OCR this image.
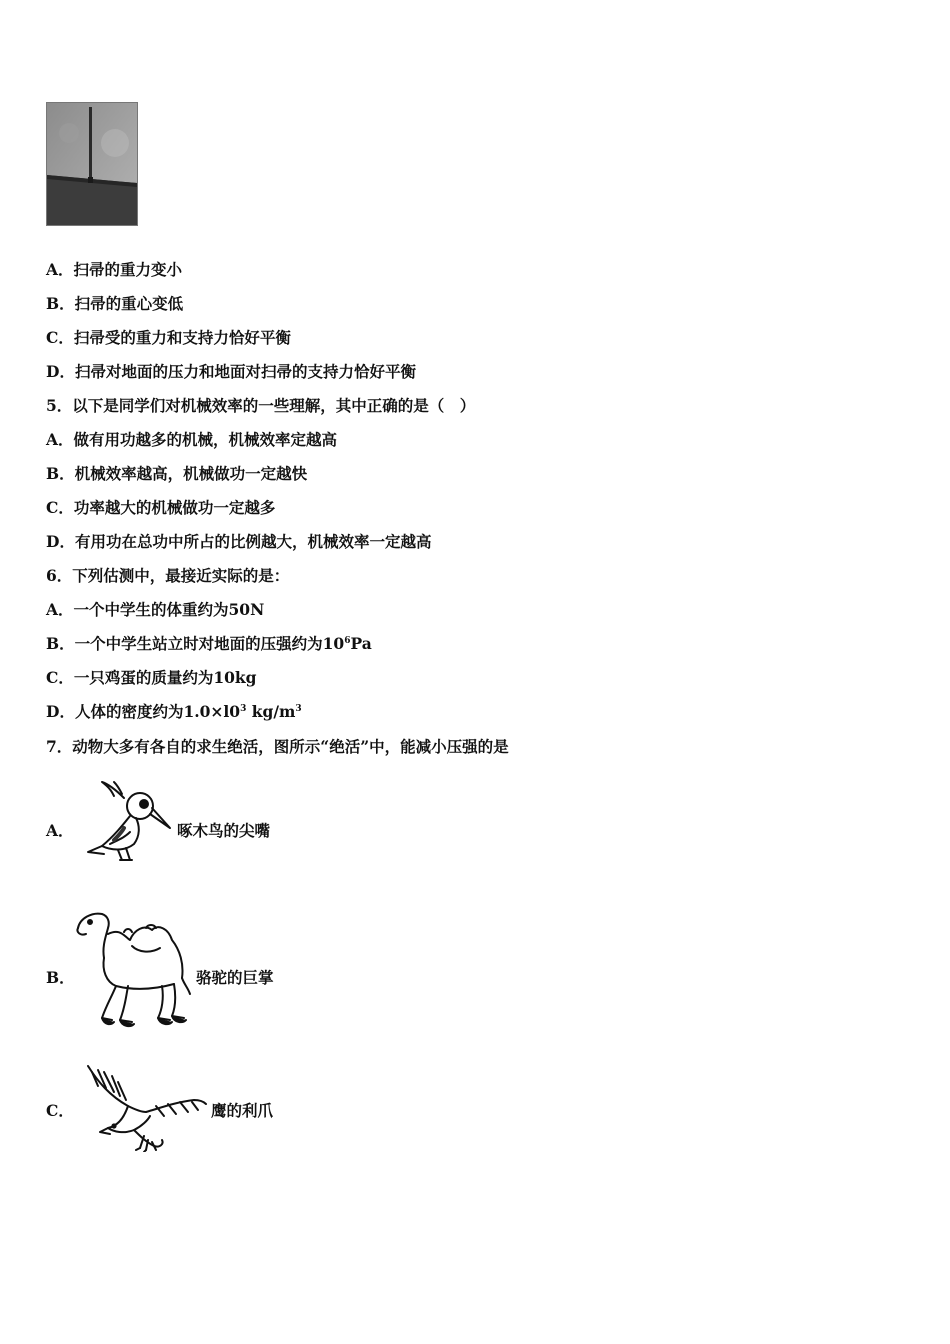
A．扫帚的重力变小
B．扫帚的重心变低
C．扫帚受的重力和支持力恰好平衡
D．扫帚对地面的压力和地面对扫帚的支持力恰好平衡
5．以下是同学们对机械效率的一些理解，其中正确的是（　）
A．做有用功越多的机械，机械效率定越高
B．机械效率越高，机械做功一定越快
C．功率越大的机械做功一定越多
D．有用功在总功中所占的比例越大，机械效率一定越高
6．下列估测中，最接近实际的是：
A．一个中学生的体重约为50N
B．一个中学生站立时对地面的压强约为$10^6Pa$
C．一只鸡蛋的质量约为10kg
D．人体的密度约为$1.0\times l0^3$ $kg/m^3$
7．动物大多有各自的求生绝活，图所示“绝活”中，能减小压强的是
A．	啄木鸟的尖嘴
B．	骆驼的巨掌
C．	鹰的利爪
